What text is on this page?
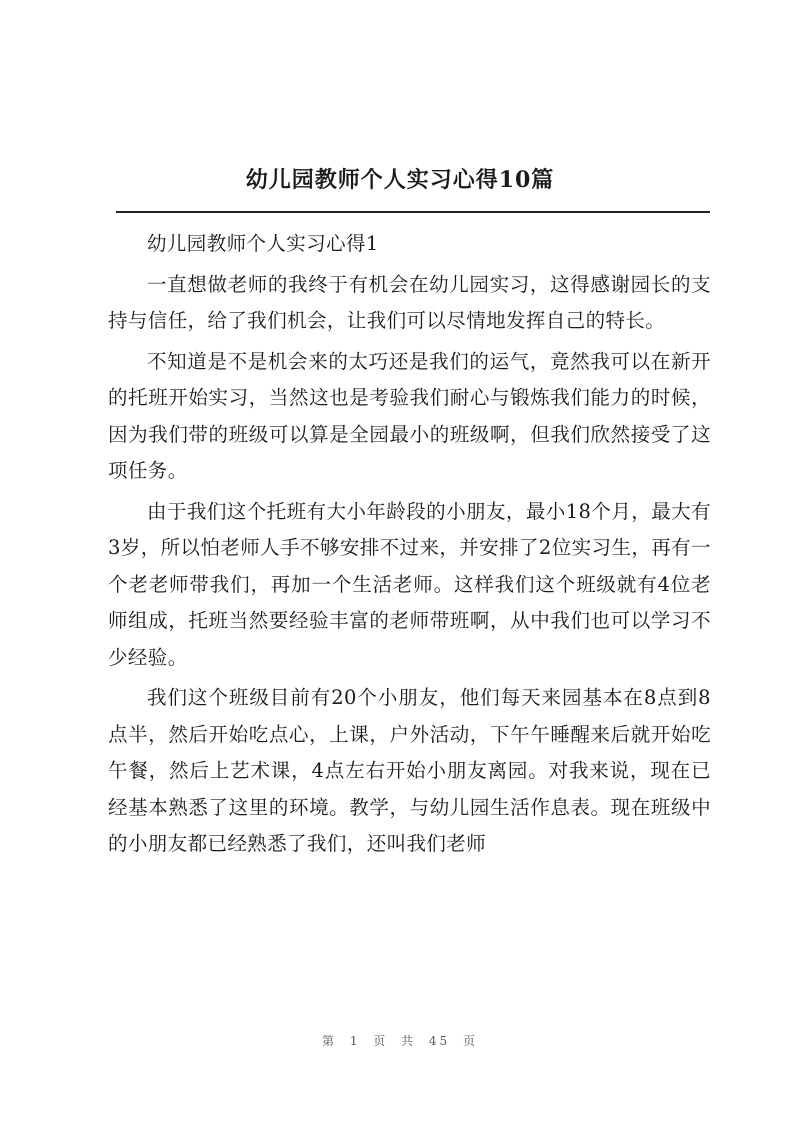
幼儿园教师个人实习心得10篇

幼儿园教师个人实习心得1

一直想做老师的我终于有机会在幼儿园实习，这得感谢园长的支持与信任，给了我们机会，让我们可以尽情地发挥自己的特长。

不知道是不是机会来的太巧还是我们的运气，竟然我可以在新开的托班开始实习，当然这也是考验我们耐心与锻炼我们能力的时候，因为我们带的班级可以算是全园最小的班级啊，但我们欣然接受了这项任务。

由于我们这个托班有大小年龄段的小朋友，最小18个月，最大有3岁，所以怕老师人手不够安排不过来，并安排了2位实习生，再有一个老老师带我们，再加一个生活老师。这样我们这个班级就有4位老师组成，托班当然要经验丰富的老师带班啊，从中我们也可以学习不少经验。

我们这个班级目前有20个小朋友，他们每天来园基本在8点到8点半，然后开始吃点心，上课，户外活动，下午午睡醒来后就开始吃午餐，然后上艺术课，4点左右开始小朋友离园。对我来说，现在已经基本熟悉了这里的环境。教学，与幼儿园生活作息表。现在班级中的小朋友都已经熟悉了我们，还叫我们老师

第 1 页 共 45 页
